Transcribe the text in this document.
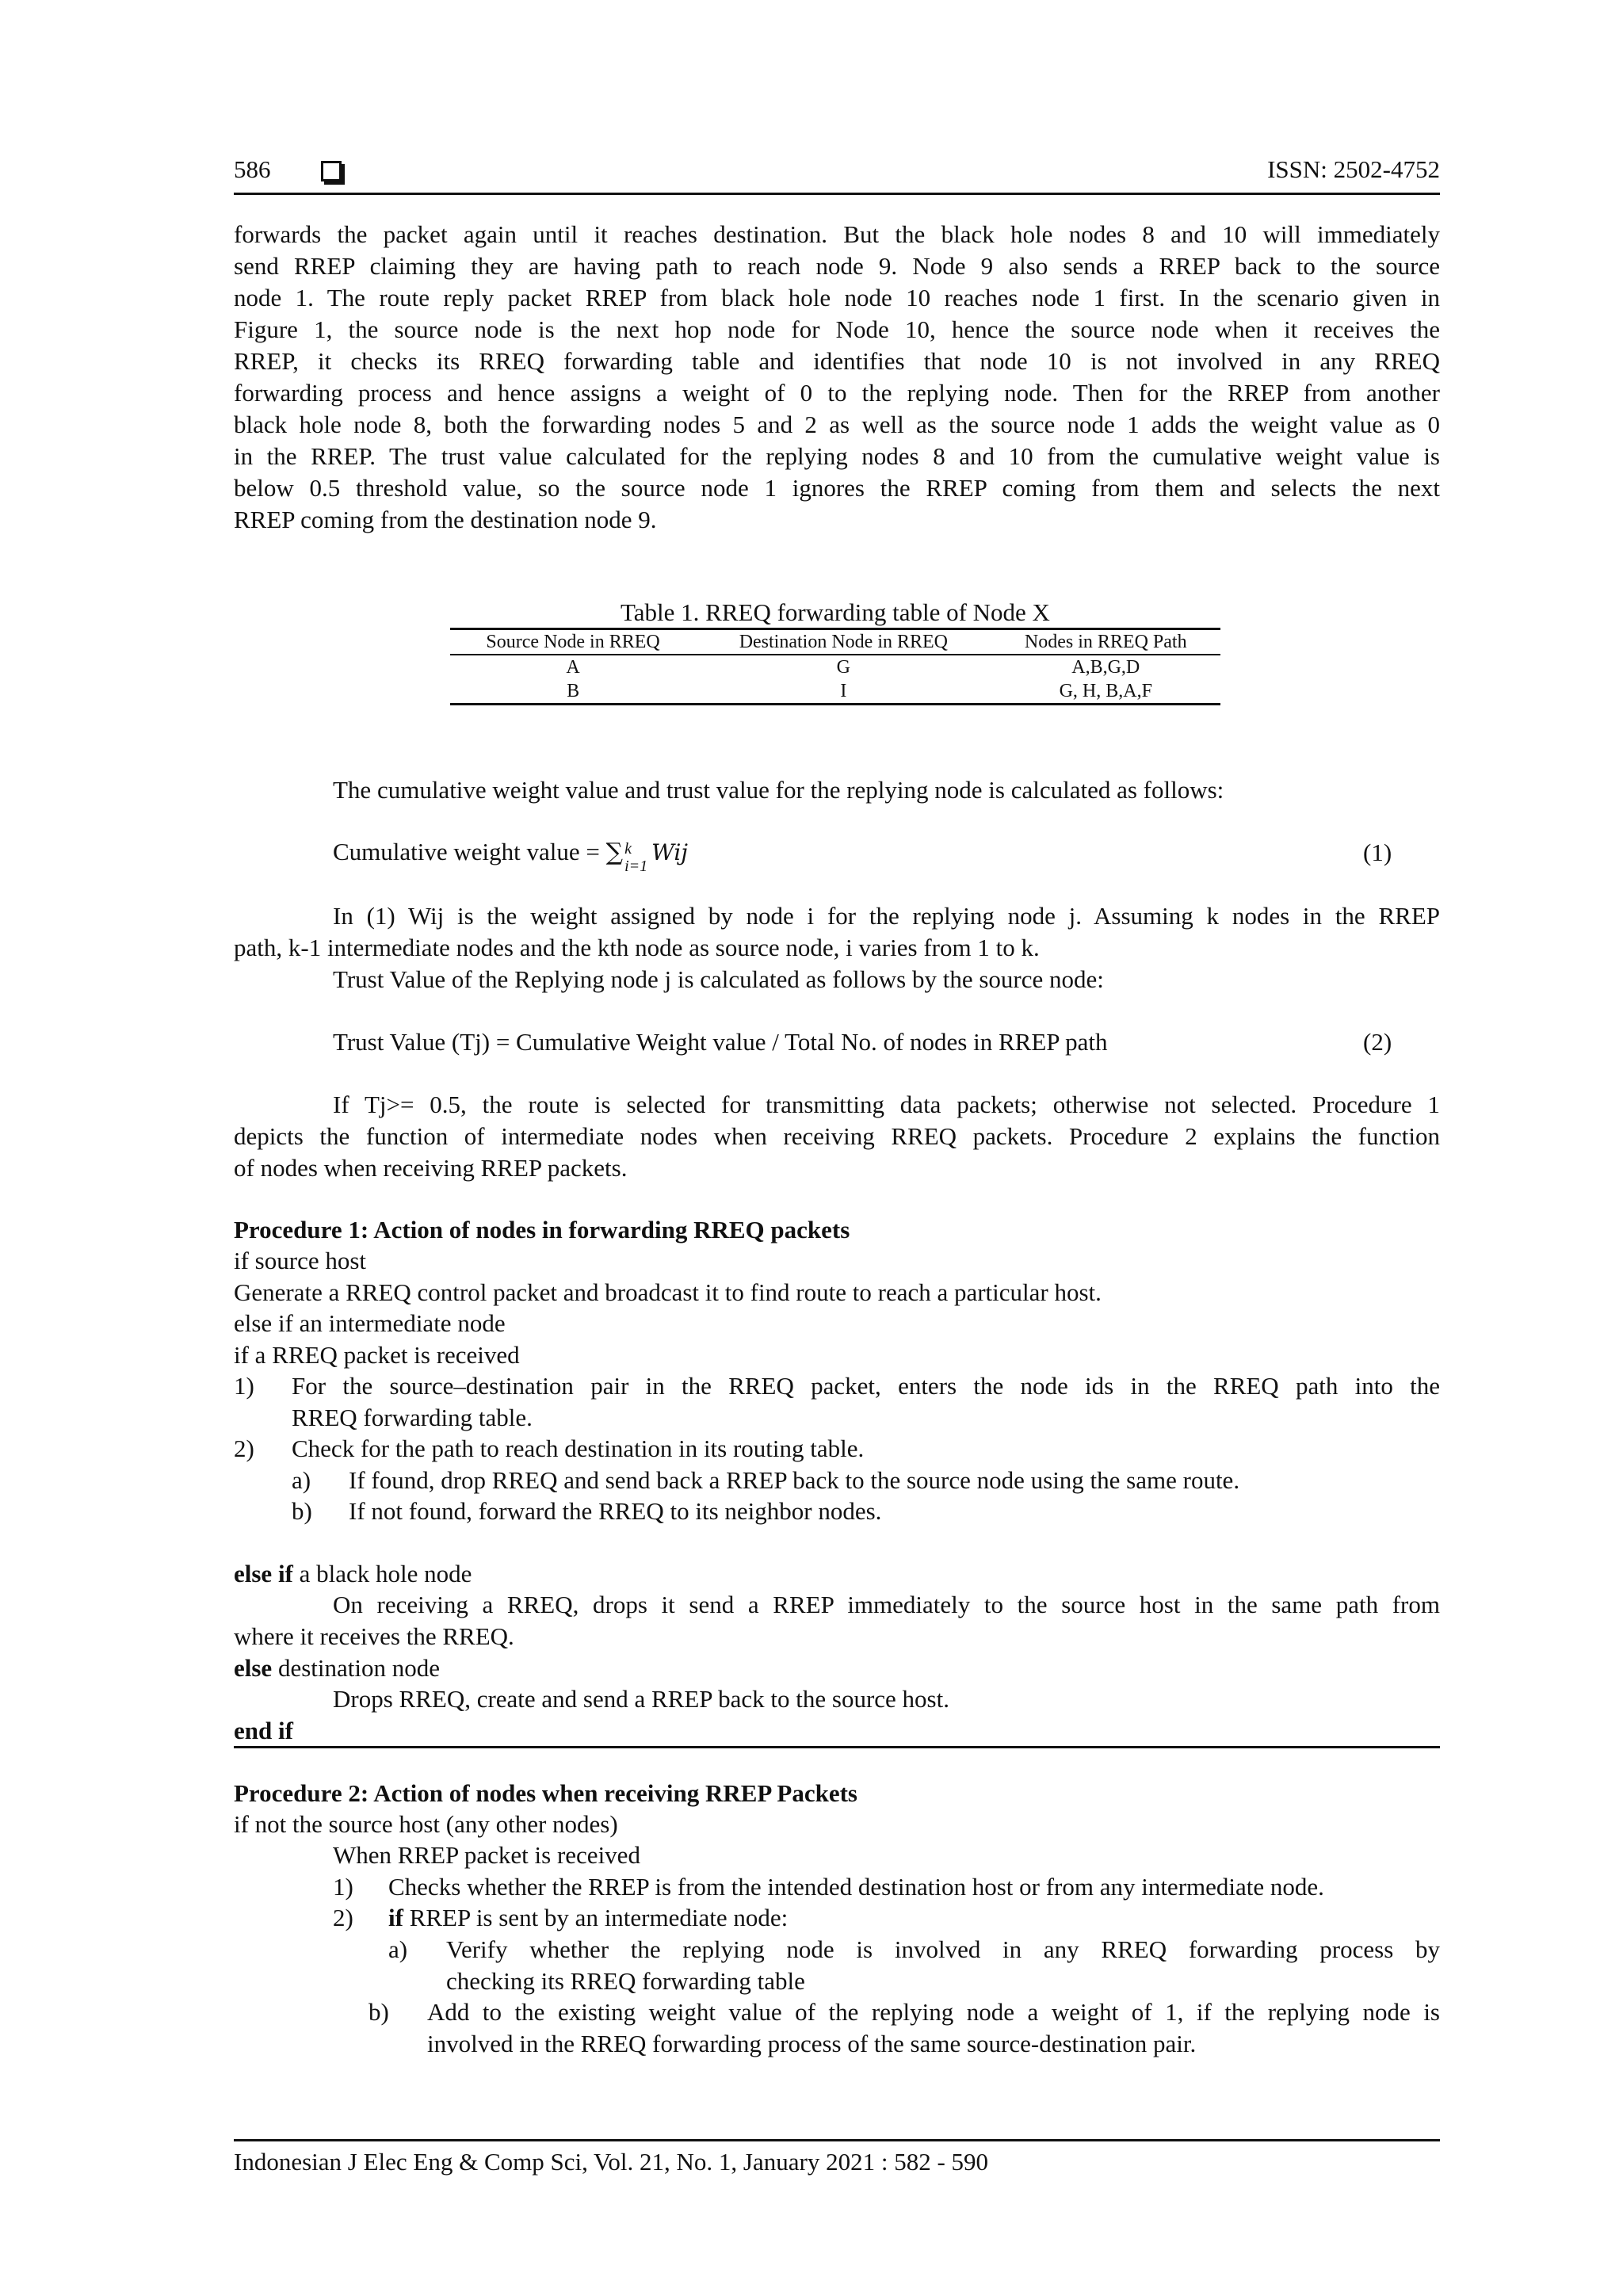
586	ISSN: 2502-4752
forwards the packet again until it reaches destination. But the black hole nodes 8 and 10 will immediately
send RREP claiming they are having path to reach node 9. Node 9 also sends a RREP back to the source
node 1. The route reply packet RREP from black hole node 10 reaches node 1 first. In the scenario given in
Figure 1, the source node is the next hop node for Node 10, hence the source node when it receives the
RREP, it checks its RREQ forwarding table and identifies that node 10 is not involved in any RREQ
forwarding process and hence assigns a weight of 0 to the replying node. Then for the RREP from another
black hole node 8, both the forwarding nodes 5 and 2 as well as the source node 1 adds the weight value as 0
in the RREP. The trust value calculated for the replying nodes 8 and 10 from the cumulative weight value is
below 0.5 threshold value, so the source node 1 ignores the RREP coming from them and selects the next
RREP coming from the destination node 9.
Table 1. RREQ forwarding table of Node X
Source Node in RREQ	Destination Node in RREQ	Nodes in RREQ Path
A	G	A,B,G,D
B	I	G, H, B,A,F
The cumulative weight value and trust value for the replying node is calculated as follows:
Cumulative weight value = ∑ k
i=1
Wij	(1)
In (1) Wij is the weight assigned by node i for the replying node j. Assuming k nodes in the RREP
path, k-1 intermediate nodes and the kth node as source node, i varies from 1 to k.
Trust Value of the Replying node j is calculated as follows by the source node:
Trust Value (Tj) = Cumulative Weight value / Total No. of nodes in RREP path	(2)
If Tj>= 0.5, the route is selected for transmitting data packets; otherwise not selected. Procedure 1
depicts the function of intermediate nodes when receiving RREQ packets. Procedure 2 explains the function
of nodes when receiving RREP packets.
Procedure 1: Action of nodes in forwarding RREQ packets
if source host
Generate a RREQ control packet and broadcast it to find route to reach a particular host.
else if an intermediate node
if a RREQ packet is received
1) For the source–destination pair in the RREQ packet, enters the node ids in the RREQ path into the
RREQ forwarding table.
2) Check for the path to reach destination in its routing table.
a) If found, drop RREQ and send back a RREP back to the source node using the same route.
b) If not found, forward the RREQ to its neighbor nodes.
else if a black hole node
On receiving a RREQ, drops it send a RREP immediately to the source host in the same path from
where it receives the RREQ.
else destination node
Drops RREQ, create and send a RREP back to the source host.
end if
Procedure 2: Action of nodes when receiving RREP Packets
if not the source host (any other nodes)
When RREP packet is received
1) Checks whether the RREP is from the intended destination host or from any intermediate node.
2) if RREP is sent by an intermediate node:
a) Verify whether the replying node is involved in any RREQ forwarding process by
checking its RREQ forwarding table
b) Add to the existing weight value of the replying node a weight of 1, if the replying node is
involved in the RREQ forwarding process of the same source-destination pair.
Indonesian J Elec Eng & Comp Sci, Vol. 21, No. 1, January 2021 : 582 - 590
